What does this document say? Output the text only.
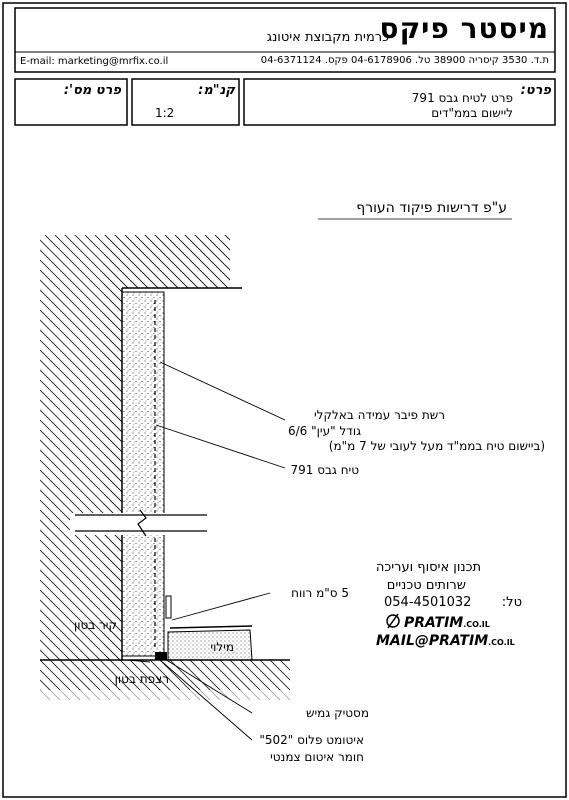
מיסטר פיקס
כרמית מקבוצת איטונג
ת.ד. 3530 קיסריה 38900 טל. 04-6178906 פקס. 04-6371124
E-mail: marketing@mrfix.co.il
פרט:
פרט לטיח גבס 791
ליישום בממ"דים
קנ"מ:
1:2
פרט מס':
ע"פ דרישות פיקוד העורף
רשת פיבר עמידה באלקלי
גודל "עין" 6/6
(ביישום טיח בממ"ד מעל לעובי של 7 מ"מ)
טיח גבס 791
5 ס"מ רווח
קיר בטון
מילוי
רצפת בטון
מסטיק גמיש
איטומט פלוס "502"
חומר איטום צמנטי
תכנון איסוף ועריכה
שרותים טכניים
טל:
054-4501032
PRATIM.CO.IL
MAIL@PRATIM.CO.IL
